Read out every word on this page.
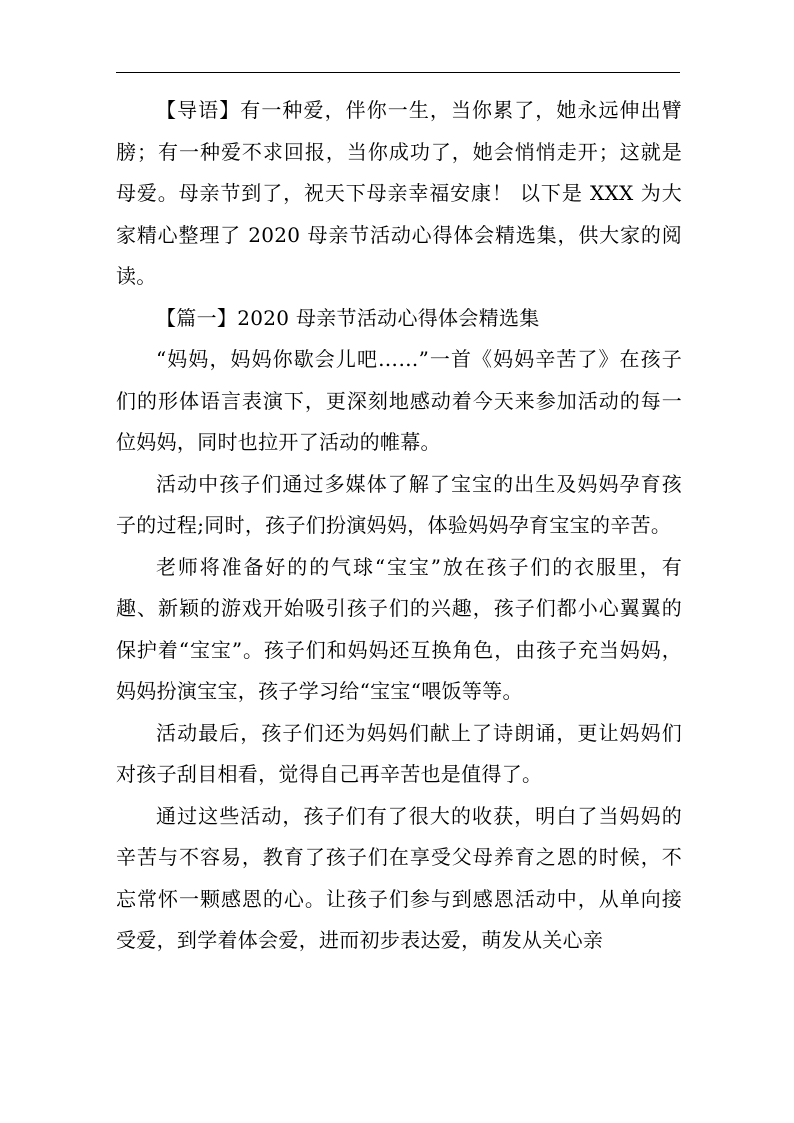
【导语】有一种爱，伴你一生，当你累了，她永远伸出臂膀；有一种爱不求回报，当你成功了，她会悄悄走开；这就是母爱。母亲节到了，祝天下母亲幸福安康！ 以下是 XXX 为大家精心整理了 2020 母亲节活动心得体会精选集，供大家的阅读。

【篇一】2020 母亲节活动心得体会精选集

“妈妈，妈妈你歇会儿吧……”一首《妈妈辛苦了》在孩子们的形体语言表演下，更深刻地感动着今天来参加活动的每一位妈妈，同时也拉开了活动的帷幕。

活动中孩子们通过多媒体了解了宝宝的出生及妈妈孕育孩子的过程;同时，孩子们扮演妈妈，体验妈妈孕育宝宝的辛苦。

老师将准备好的的气球“宝宝”放在孩子们的衣服里，有趣、新颖的游戏开始吸引孩子们的兴趣，孩子们都小心翼翼的保护着“宝宝”。孩子们和妈妈还互换角色，由孩子充当妈妈，妈妈扮演宝宝，孩子学习给“宝宝“喂饭等等。

活动最后，孩子们还为妈妈们献上了诗朗诵，更让妈妈们对孩子刮目相看，觉得自己再辛苦也是值得了。

通过这些活动，孩子们有了很大的收获，明白了当妈妈的辛苦与不容易，教育了孩子们在享受父母养育之恩的时候，不忘常怀一颗感恩的心。让孩子们参与到感恩活动中，从单向接受爱，到学着体会爱，进而初步表达爱，萌发从关心亲
